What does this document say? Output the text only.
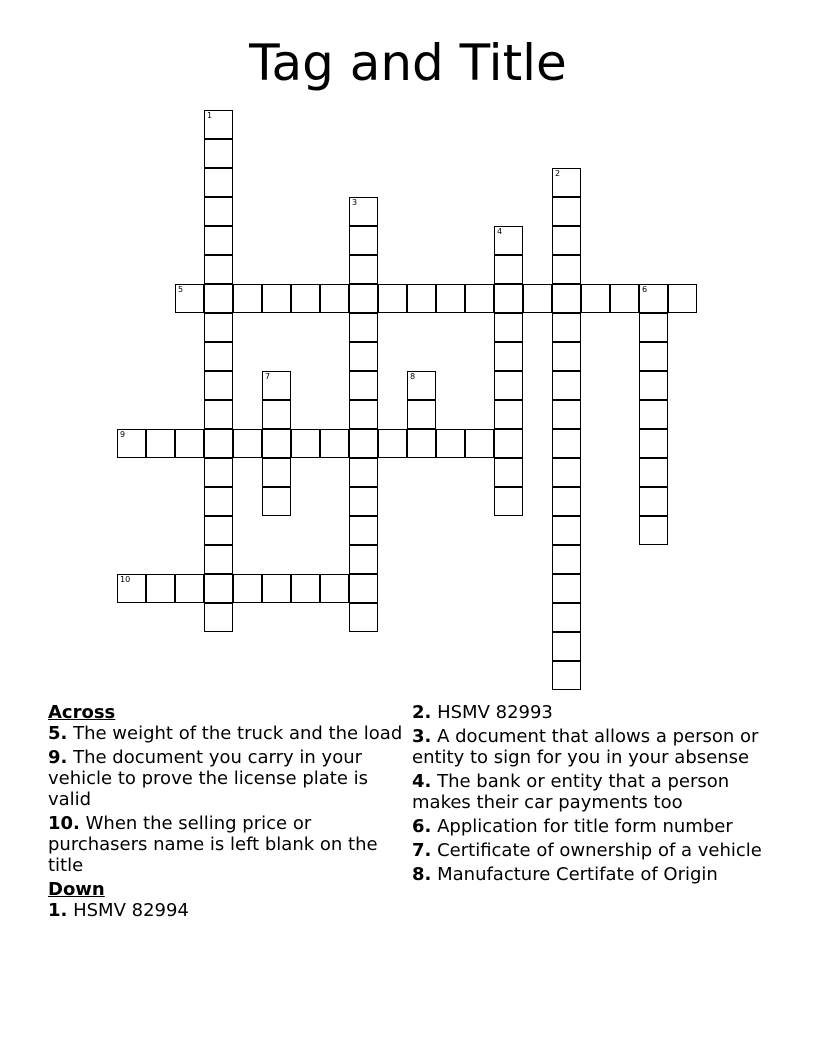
Tag and Title
1
2
3
4
5	6
7	8
9
10
Across
5. The weight of the truck and the load
9. The document you carry in your vehicle to prove the license plate is valid
10. When the selling price or purchasers name is left blank on the title
Down
1. HSMV 82994
2. HSMV 82993
3. A document that allows a person or entity to sign for you in your absense
4. The bank or entity that a person makes their car payments too
6. Application for title form number
7. Certificate of ownership of a vehicle
8. Manufacture Certifate of Origin
